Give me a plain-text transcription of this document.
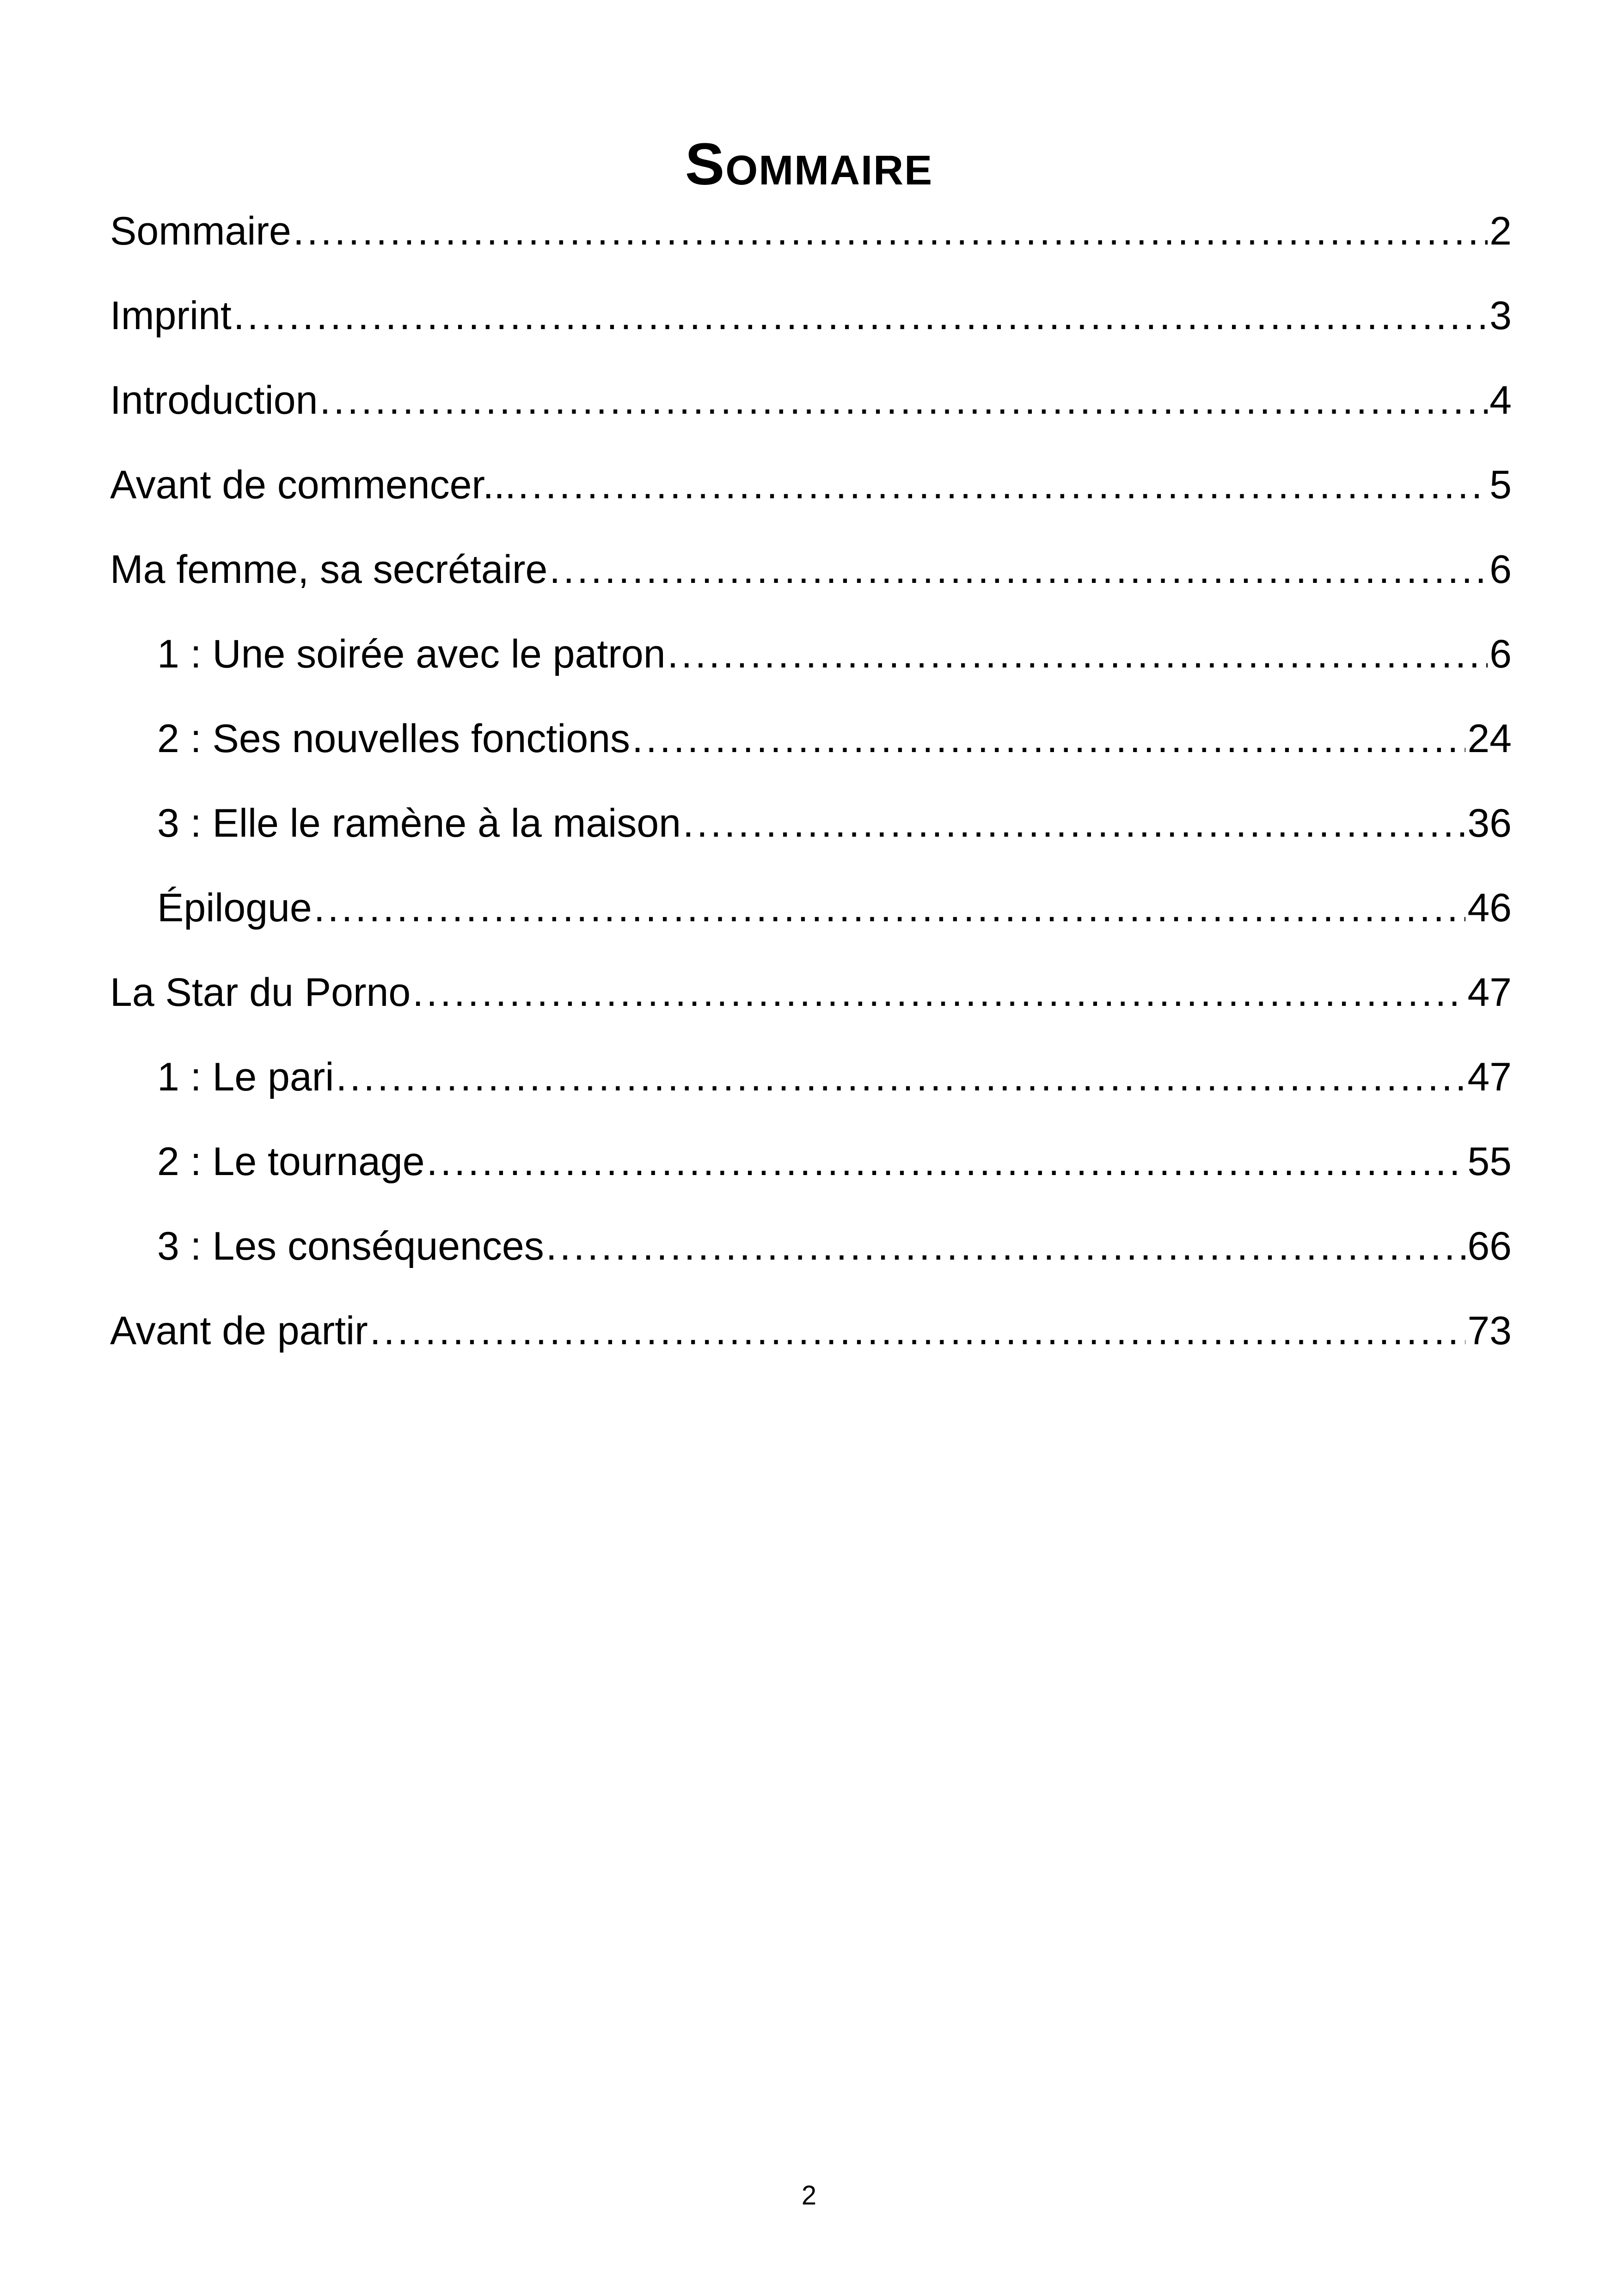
Sommaire
Sommaire .....	2
Imprint .....	3
Introduction .....	4
Avant de commencer... .....	5
Ma femme, sa secrétaire .....	6
1 : Une soirée avec le patron .....	6
2 : Ses nouvelles fonctions .....	24
3 : Elle le ramène à la maison .....	36
Épilogue .....	46
La Star du Porno .....	47
1 : Le pari .....	47
2 : Le tournage .....	55
3 : Les conséquences .....	66
Avant de partir .....	73
2
